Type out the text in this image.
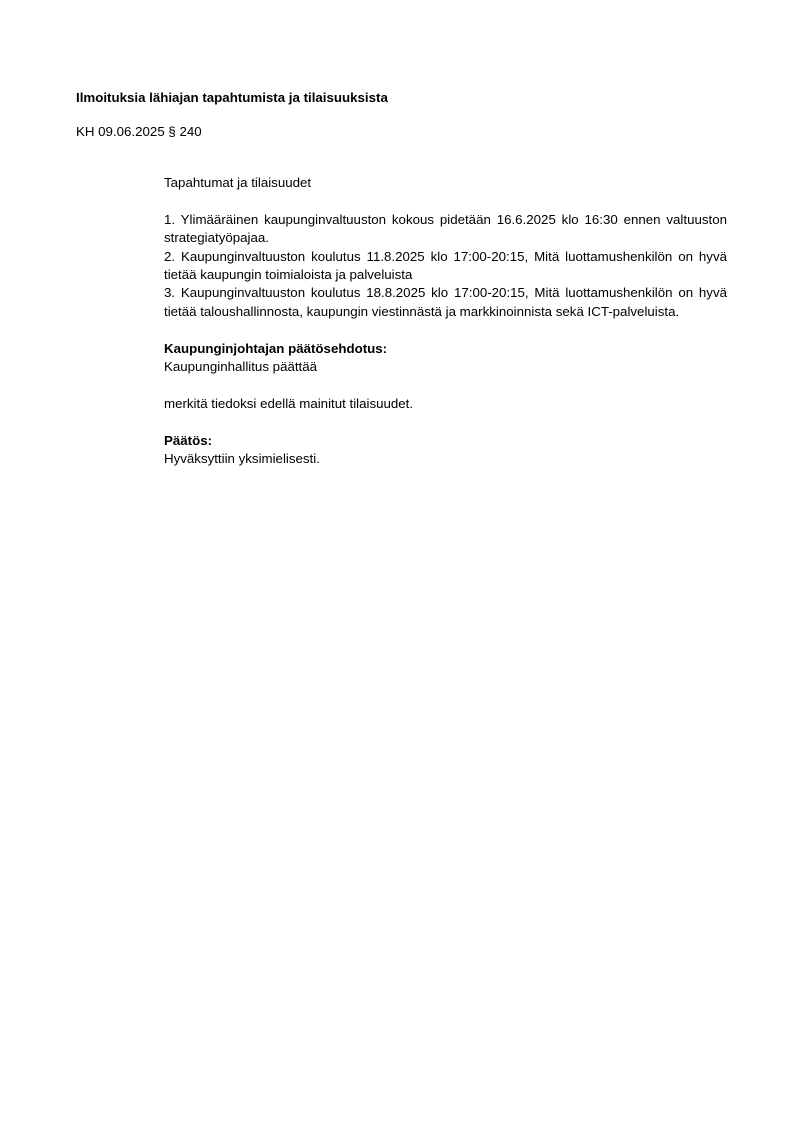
Ilmoituksia lähiajan tapahtumista ja tilaisuuksista
KH 09.06.2025 § 240

Tapahtumat ja tilaisuudet

1. Ylimääräinen kaupunginvaltuuston kokous pidetään 16.6.2025 klo 16:30 ennen valtuuston strategiatyöpajaa.

2. Kaupunginvaltuuston koulutus 11.8.2025 klo 17:00-20:15, Mitä luottamushenkilön on hyvä tietää kaupungin toimialoista ja palveluista

3. Kaupunginvaltuuston koulutus 18.8.2025 klo 17:00-20:15, Mitä luottamushenkilön on hyvä tietää taloushallinnosta, kaupungin viestinnästä ja markkinoinnista sekä ICT-palveluista.

Kaupunginjohtajan päätösehdotus:

Kaupunginhallitus päättää

merkitä tiedoksi edellä mainitut tilaisuudet.

Päätös:

Hyväksyttiin yksimielisesti.
